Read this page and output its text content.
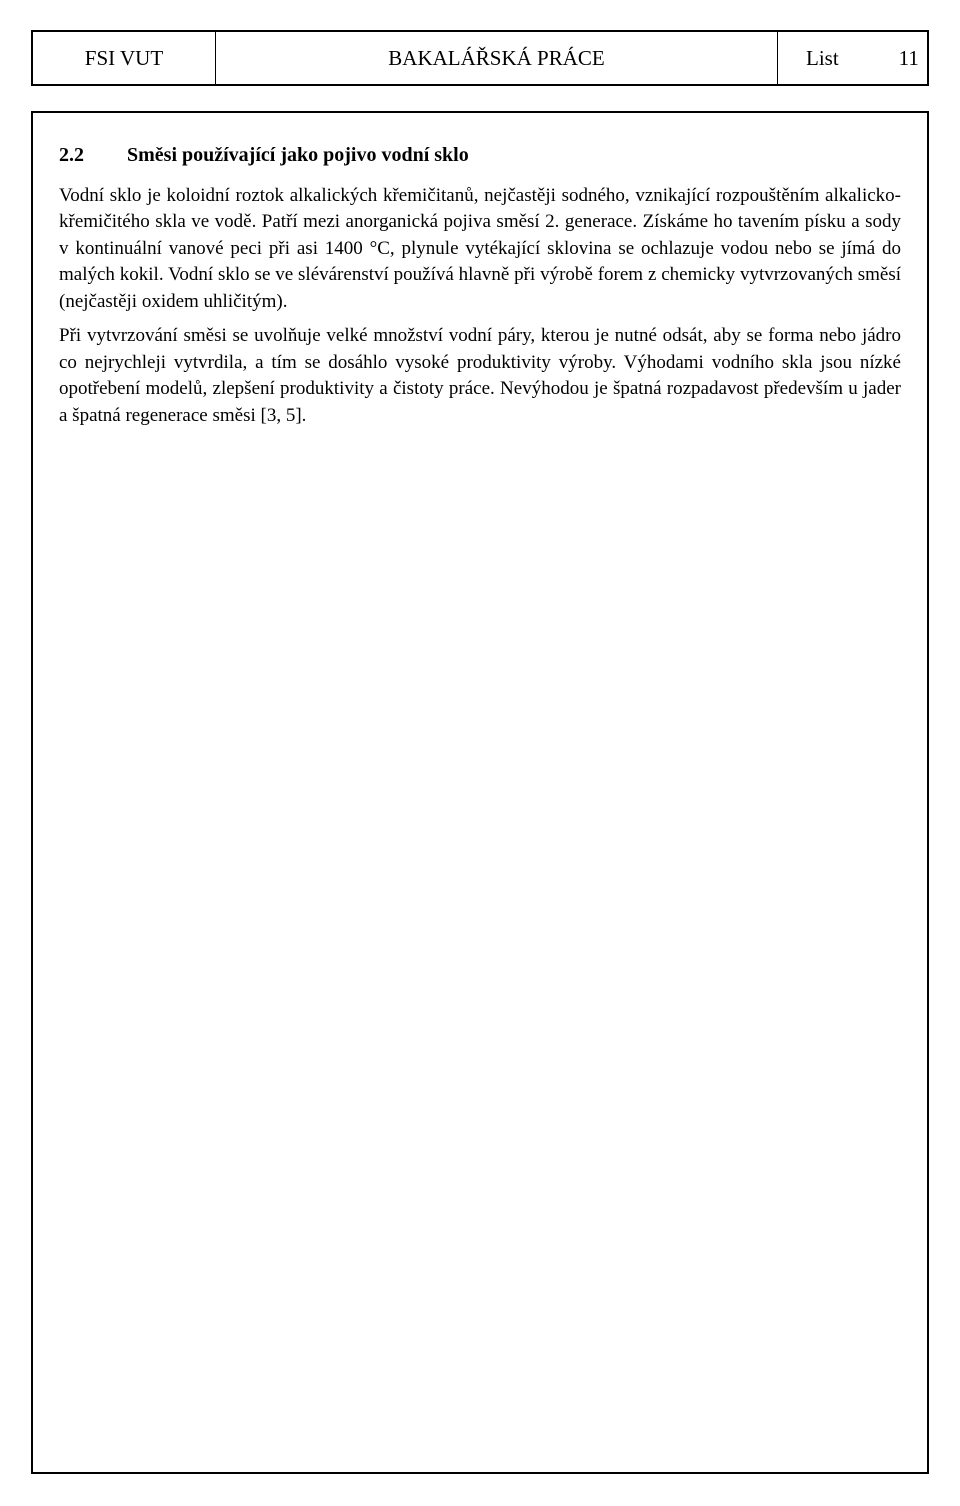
FSI VUT	BAKALÁŘSKÁ PRÁCE	List	11
2.2 Směsi používající jako pojivo vodní sklo

Vodní sklo je koloidní roztok alkalických křemičitanů, nejčastěji sodného, vznikající rozpouštěním alkalicko-křemičitého skla ve vodě. Patří mezi anorganická pojiva směsí 2. generace. Získáme ho tavením písku a sody v kontinuální vanové peci při asi 1400 °C, plynule vytékající sklovina se ochlazuje vodou nebo se jímá do malých kokil. Vodní sklo se ve slévárenství používá hlavně při výrobě forem z chemicky vytvrzovaných směsí (nejčastěji oxidem uhličitým).

Při vytvrzování směsi se uvolňuje velké množství vodní páry, kterou je nutné odsát, aby se forma nebo jádro co nejrychleji vytvrdila, a tím se dosáhlo vysoké produktivity výroby. Výhodami vodního skla jsou nízké opotřebení modelů, zlepšení produktivity a čistoty práce. Nevýhodou je špatná rozpadavost především u jader a špatná regenerace směsi [3, 5].
